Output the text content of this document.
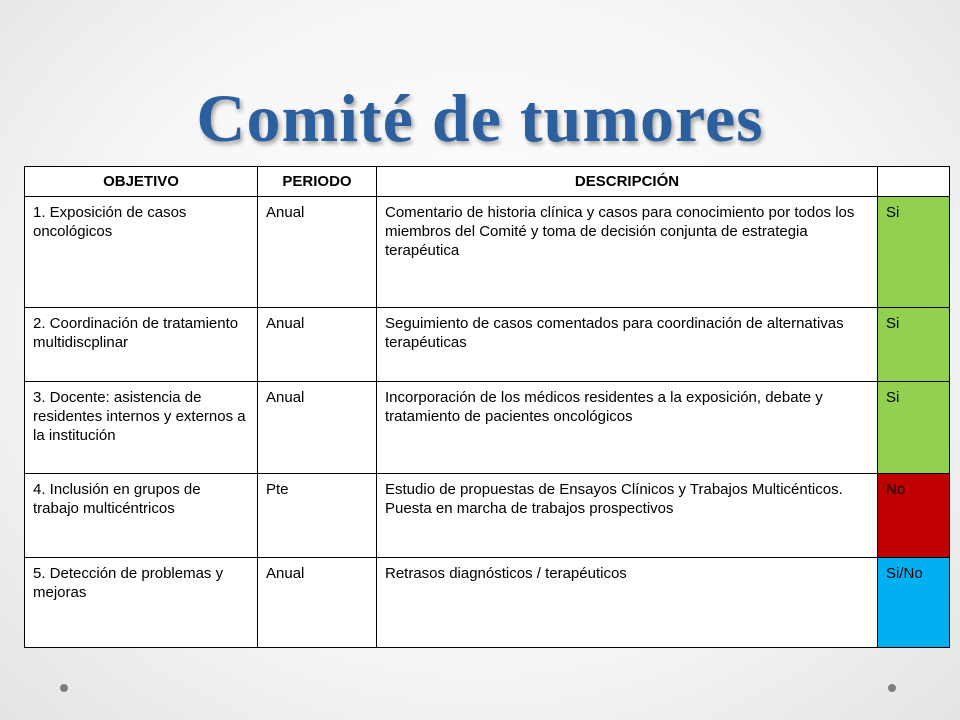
Comité de tumores
OBJETIVO	PERIODO	DESCRIPCIÓN	
1. Exposición de casos oncológicos	Anual	Comentario de historia clínica y casos para conocimiento por todos los miembros del Comité y toma de decisión conjunta de estrategia terapéutica	Si
2. Coordinación de tratamiento multidiscplinar	Anual	Seguimiento de casos comentados para coordinación de alternativas terapéuticas	Si
3. Docente: asistencia de residentes internos y externos a la institución	Anual	Incorporación de los médicos residentes a la exposición, debate y tratamiento de pacientes oncológicos	Si
4. Inclusión en grupos de trabajo multicéntricos	Pte	Estudio de propuestas de Ensayos Clínicos y Trabajos Multicénticos. Puesta en marcha de trabajos prospectivos	No
5. Detección de problemas y mejoras	Anual	Retrasos diagnósticos / terapéuticos	Si/No
